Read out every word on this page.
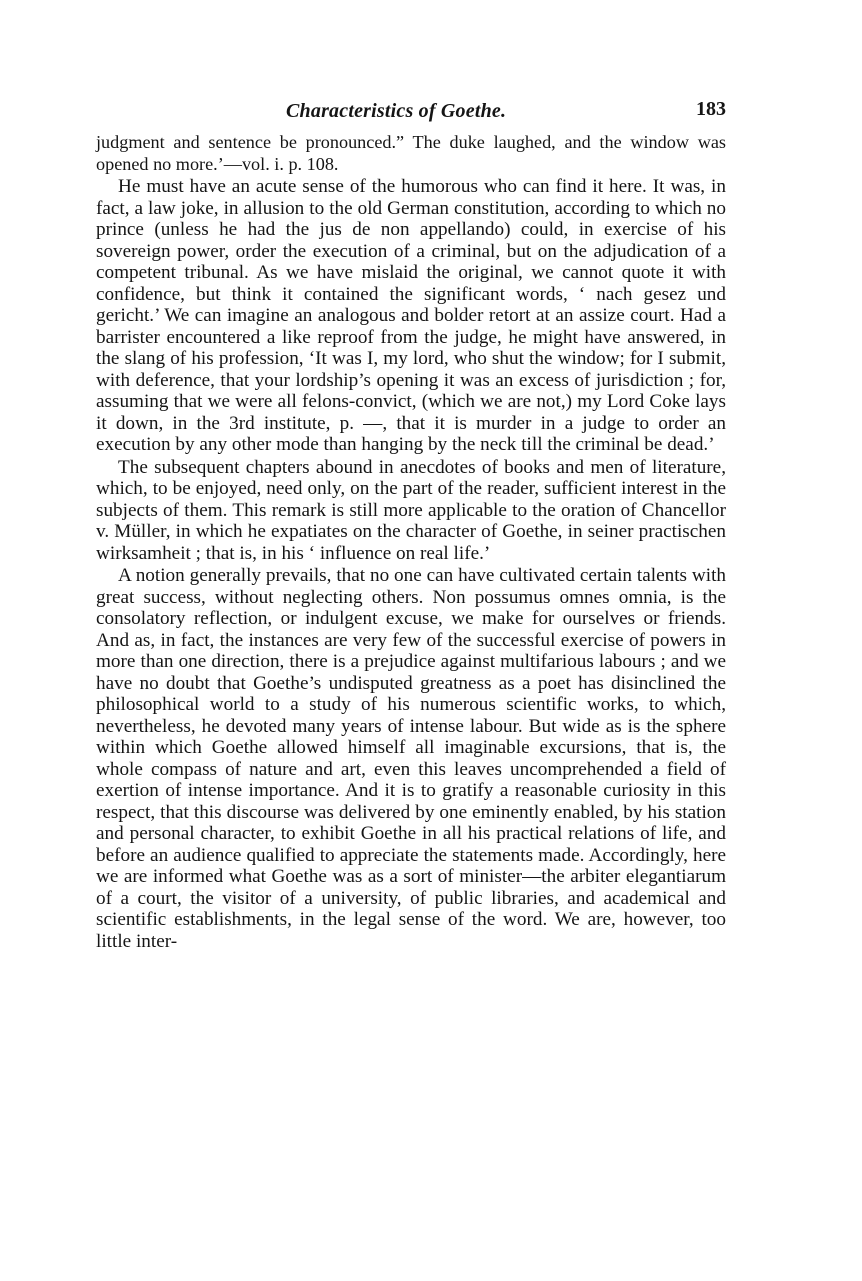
Characteristics of Goethe.	183

judgment and sentence be pronounced.” The duke laughed, and the window was opened no more.’—vol. i. p. 108.

He must have an acute sense of the humorous who can find it here. It was, in fact, a law joke, in allusion to the old German constitution, according to which no prince (unless he had the jus de non appellando) could, in exercise of his sovereign power, order the execution of a criminal, but on the adjudication of a competent tribunal. As we have mislaid the original, we cannot quote it with confidence, but think it contained the significant words, ‘ nach gesez und gericht.’ We can imagine an analogous and bolder retort at an assize court. Had a barrister encountered a like reproof from the judge, he might have answered, in the slang of his profession, ‘It was I, my lord, who shut the window; for I submit, with deference, that your lordship’s opening it was an excess of jurisdiction ; for, assuming that we were all felons-convict, (which we are not,) my Lord Coke lays it down, in the 3rd institute, p. —, that it is murder in a judge to order an execution by any other mode than hanging by the neck till the criminal be dead.’

The subsequent chapters abound in anecdotes of books and men of literature, which, to be enjoyed, need only, on the part of the reader, sufficient interest in the subjects of them. This remark is still more applicable to the oration of Chancellor v. Müller, in which he expatiates on the character of Goethe, in seiner practischen wirksamheit ; that is, in his ‘ influence on real life.’

A notion generally prevails, that no one can have cultivated certain talents with great success, without neglecting others. Non possumus omnes omnia, is the consolatory reflection, or indulgent excuse, we make for ourselves or friends. And as, in fact, the instances are very few of the successful exercise of powers in more than one direction, there is a prejudice against multifarious labours ; and we have no doubt that Goethe’s undisputed greatness as a poet has disinclined the philosophical world to a study of his numerous scientific works, to which, nevertheless, he devoted many years of intense labour. But wide as is the sphere within which Goethe allowed himself all imaginable excursions, that is, the whole compass of nature and art, even this leaves uncomprehended a field of exertion of intense importance. And it is to gratify a reasonable curiosity in this respect, that this discourse was delivered by one eminently enabled, by his station and personal character, to exhibit Goethe in all his practical relations of life, and before an audience qualified to appreciate the statements made. Accordingly, here we are informed what Goethe was as a sort of minister—the arbiter elegantiarum of a court, the visitor of a university, of public libraries, and academical and scientific establishments, in the legal sense of the word. We are, however, too little inter-
